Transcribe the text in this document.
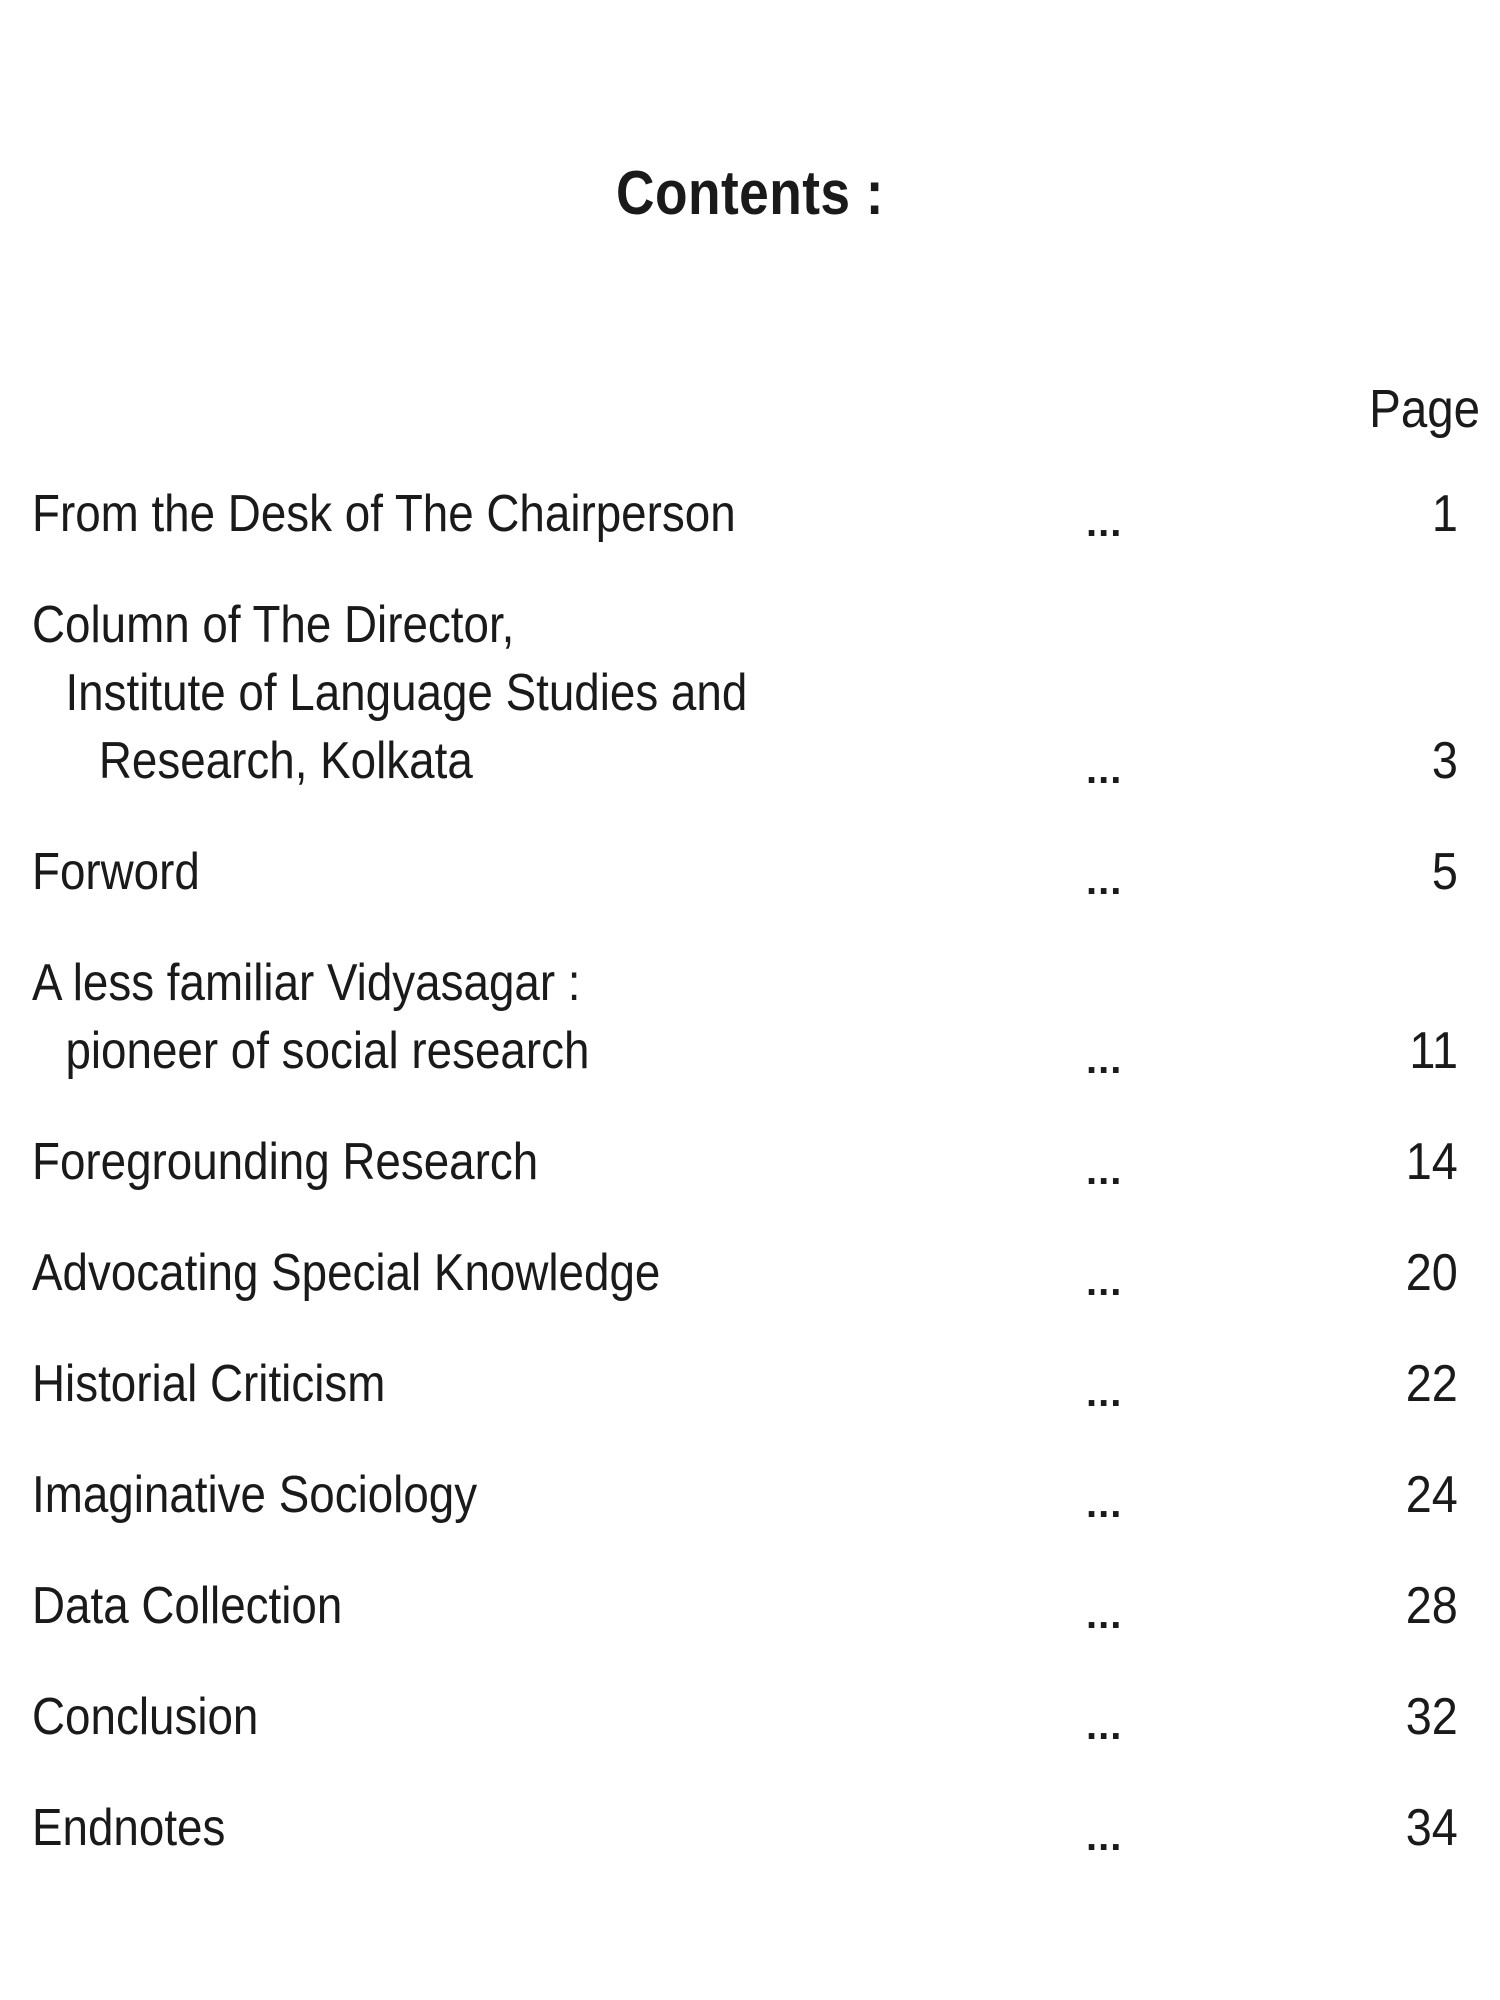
Contents :
Page
From the Desk of The Chairperson	...	1
Column of The Director,
Institute of Language Studies and
Research, Kolkata	...	3
Forword	...	5
A less familiar Vidyasagar :
pioneer of social research	...	11
Foregrounding Research	...	14
Advocating Special Knowledge	...	20
Historial Criticism	...	22
Imaginative Sociology	...	24
Data Collection	...	28
Conclusion	...	32
Endnotes	...	34
